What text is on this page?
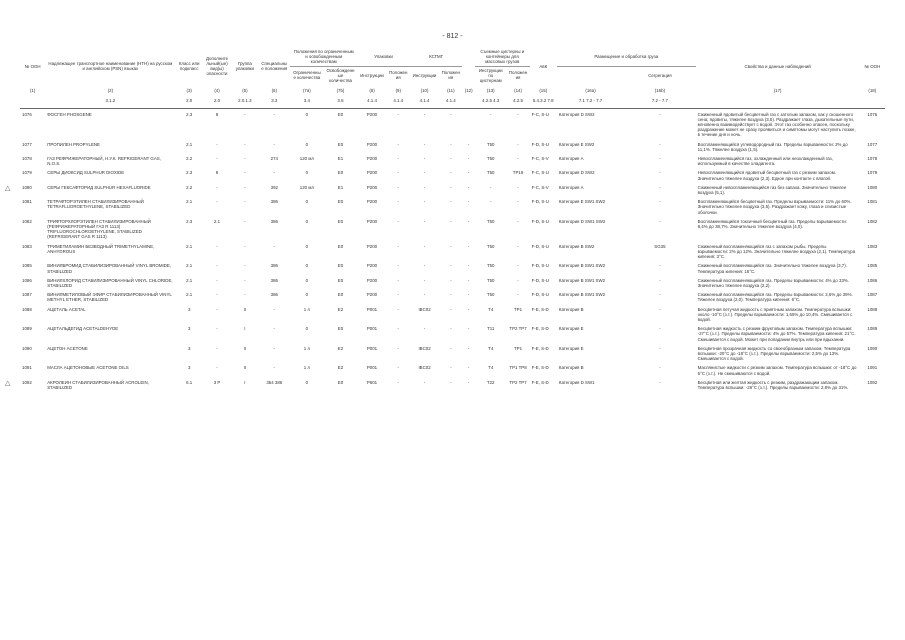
- 812 -
№ ООН	Надлежащее транспортное наименование (НТН) на русском и английском (PSN) языках	Класс или подкласс	Дополнительный(ые) вид(ы) опасности	Группа упаковки	Специальные положения	Положения по ограниченным и освобожденным количествам		Упаковки		КСГМГ			Съемные цистерны и контейнеры для массовых грузов		АвК	Размещение и обработка груза		Свойства и данные наблюдений	№ ООН
						Ограниченные количества	Освобожденные количества	Инструкции	Положения	Инструкции	Положения		Инструкции по цистернам	Положения			Сегрегация		
(1)	(2)	(3)	(4)	(5)	(6)	(7a)	(7b)	(8)	(9)	(10)	(11)	(12)	(13)	(14)	(15)	(16a)	(16b)	(17)	(18)
	3.1.2	2.0	2.0	2.0.1.3	3.3	3.4	3.5	4.1.4	4.1.4	4.1.4	4.1.4		4.2.5 4.3	4.2.5	5.4.3.2 7.8	7.1 7.2 - 7.7	7.2 - 7.7		
1076	ФОСГЕН PHOSGENE	2.3	8	-	-	0	E0	P200	-	-	-		-	-	F-C, S-U	Категория D SW2	-	Сжиженный ядовитый бесцветный газ с затхлым запахом, как у скошенного сена; ядовиты, тяжелее воздуха (3,5). Раздражает глаза, дыхательные пути, мгновенно взаимодействует с водой. Этот газ особенно опасен, поскольку раздражение может не сразу проявиться и симптомы могут наступить позже, в течение дня и ночь.	1076
1077	ПРОПИЛЕН PROPYLENE	2.1	-	-	-	0	E0	P200	-	-	-	-	T50	-	F-D, S-U	Категория E SW2	-	Воспламеняющийся углеводородный газ. Пределы взрываемости: 2% до 11,1%. Тяжелее воздуха (1,5).	1077
1078	ГАЗ РЕФРИЖЕРАТОРНЫЙ, Н.У.К. REFRIGERANT GAS, N.O.S.	2.2	-	-	274	120 мл	E1	P200	-	-	-	-	T50	-	F-C, S-V	Категория A	-	Невоспламеняющийся газ, охлажденный или неохлажденный газ, используемый в качестве хладагента.	1078
1079	СЕРЫ ДИОКСИД SULPHUR DIOXIDE	2.3	8	-	-	0	E0	P200	-	-	-	-	T50	TP19	F-C, S-U	Категория D SW2	-	Невоспламеняющийся ядовитый бесцветный газ с резким запахом. Значительно тяжелее воздуха (2,3). Едкое при контакте с влагой.	1079
1080	СЕРЫ ГЕКСАФТОРИД SULPHUR HEXAFLUORIDE	2.2	-	-	392	120 мл	E1	P200	-	-	-	-	-	-	F-C, S-V	Категория A	-	Сжиженный невоспламеняющийся газ без запаха. Значительно тяжелее воздуха (5,1).	1080
1081	ТЕТРАФТОРЭТИЛЕН СТАБИЛИЗИРОВАННЫЙ TETRAFLUOROETHYLENE, STABILIZED	2.1	-	-	386	0	E0	P200	-	-	-	-	-	-	F-D, S-U	Категория E SW1 SW2	-	Воспламеняющийся бесцветный газ. Пределы взрываемости: 11% до 60%. Значительно тяжелее воздуха (3,5). Раздражает кожу, глаза и слизистые оболочки.	1081
1082	ТРИФТОРХЛОРЭТИЛЕН СТАБИЛИЗИРОВАННЫЙ (РЕФРИЖЕРАТОРНЫЙ ГАЗ R 1113) TRIFLUOROCHLOROETHYLENE, STABILIZED (REFRIGERANT GAS R 1113)	2.3	2.1	-	386	0	E0	P200	-	-	-	-	T50	-	F-D, S-U	Категория D SW1 SW2	-	Воспламеняющийся токсичный бесцветный газ. Пределы взрываемости: 8,4% до 38,7%. Значительно тяжелее воздуха (4,0).	1082
1083	ТРИМЕТИЛАМИН БЕЗВОДНЫЙ TRIMETHYLAMINE, ANHYDROUS	2.1	-	-	-	0	E0	P200	-	-	-	-	T50	-	F-D, S-U	Категория B SW2	SG35	Сжиженный воспламеняющийся газ с запахом рыбы. Пределы взрываемости: 2% до 12%. Значительно тяжелее воздуха (2,1). Температура кипения: 3°С.	1083
1085	ВИНИЛБРОМИД СТАБИЛИЗИРОВАННЫЙ VINYL BROMIDE, STABILIZED	2.1	-	-	386	0	E0	P200	-	-	-	-	T50	-	F-D, S-U	Категория B SW1 SW2	-	Сжиженный воспламеняющийся газ. Значительно тяжелее воздуха (3,7). Температура кипения: 16°С.	1085
1086	ВИНИЛХЛОРИД СТАБИЛИЗИРОВАННЫЙ VINYL CHLORIDE, STABILIZED	2.1	-	-	386	0	E0	P200	-	-	-	-	T50	-	F-D, S-U	Категория B SW1 SW2	-	Сжиженный воспламеняющийся газ. Пределы взрываемости: 4% до 33%. Значительно тяжелее воздуха (2,2).	1086
1087	ВИНИЛМЕТИЛОВЫЙ ЭФИР СТАБИЛИЗИРОВАННЫЙ VINYL METHYL ETHER, STABILIZED	2.1	-	-	386	0	E0	P200	-	-	-	-	T50	-	F-D, S-U	Категория B SW1 SW2	-	Сжиженный воспламеняющийся газ. Пределы взрываемости: 2,6% до 39%. Тяжелее воздуха (2,0). Температура кипения: 6°С.	1087
1088	АЦЕТАЛЬ ACETAL	3	-	II	-	1 л	E2	P001	-	IBC02	-	-	T4	TP1	F-E, S-D	Категория B	-	Бесцветная летучая жидкость с приятным запахом. Температура вспышки: около -10°С (з.т.). Пределы взрываемости: 1,65% до 10,4%. Смешивается с водой.	1088
1089	АЦЕТАЛЬДЕГИД ACETALDEHYDE	3	-	I	-	0	E0	P001	-	-	-	-	T11	TP2 TP7	F-E, S-D	Категория E	-	Бесцветная жидкость с резким фруктовым запахом. Температура вспышки: -27°С (з.т.). Пределы взрываемости: 4% до 57%. Температура кипения: 21°С. Смешивается с водой. Может при попадании внутрь или при вдыхании.	1089
1090	АЦЕТОН ACETONE	3	-	II	-	1 л	E2	P001	-	IBC02	-	-	T4	TP1	F-E, S-D	Категория E	-	Бесцветная прозрачная жидкость со своеобразным запахом. Температура вспышки: -20°С до -18°С (з.т.). Пределы взрываемости: 2,5% до 13%. Смешивается с водой.	1090
1091	МАСЛА АЦЕТОНОВЫЕ ACETONE OILS	3	-	II	-	1 л	E2	P001	-	IBC02	-	-	T4	TP1 TP8	F-E, S-D	Категория B	-	Маслянистые жидкости с резким запахом. Температура вспышки: от -18°С до 6°С (з.т.). Не смешиваются с водой.	1091
1092	АКРОЛЕИН СТАБИЛИЗИРОВАННЫЙ ACROLEIN, STABILIZED	6.1	3 P	I	354 386	0	E0	P601	-	-	-	-	T22	TP2 TP7	F-E, S-D	Категория D SW1	-	Бесцветная или желтая жидкость с резким, раздражающим запахом. Температура вспышки: -26°С (з.т.). Пределы взрываемости: 2,8% до 31%.	1092
△
△
